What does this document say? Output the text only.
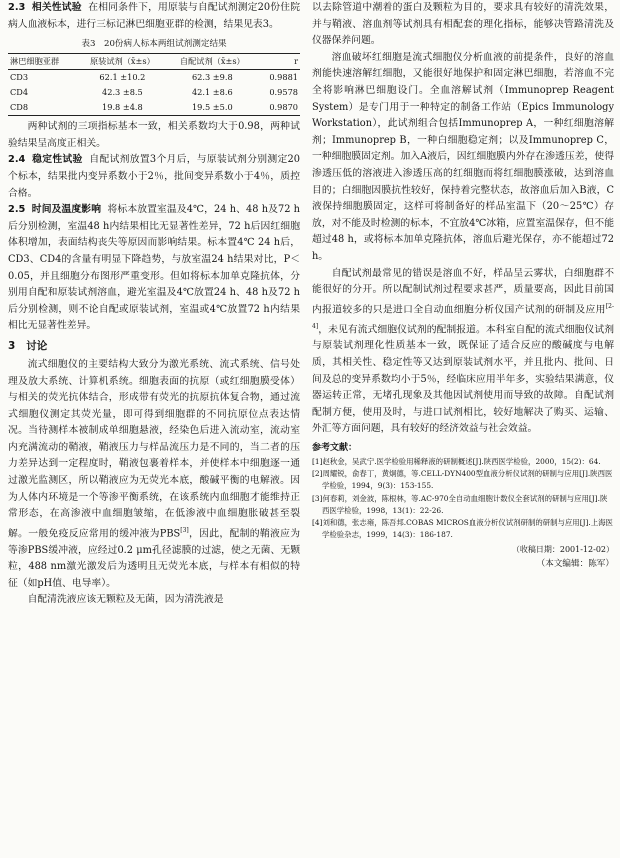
2.3 相关性试验 在相同条件下，用原装与自配试剂测定20份住院病人血液标本，进行三标记淋巴细胞亚群的检测，结果见表3。

表3　20份病人标本两组试剂测定结果
淋巴细胞亚群	原装试剂（x̄±s）	自配试剂（x̄±s）	r
CD3	62.1 ±10.2	62.3 ±9.8	0.9881
CD4	42.3 ±8.5	42.1 ±8.6	0.9578
CD8	19.8 ±4.8	19.5 ±5.0	0.9870

两种试剂的三项指标基本一致，相关系数均大于0.98，两种试验结果呈高度正相关。

2.4 稳定性试验 自配试剂放置3个月后，与原装试剂分别测定20个标本，结果批内变异系数小于2％，批间变异系数小于4％，质控合格。

2.5 时间及温度影响 将标本放置室温及4℃，24 h、48 h及72 h后分别检测，室温48 h内结果相比无显著性差异，72 h后因红细胞体积增加，表面结构丧失等原因而影响结果。标本置4℃ 24 h后，CD3、CD4的含量有明显下降趋势，与放室温24 h结果对比，P＜0.05，并且细胞分布图形严重变形。但如将标本加单克隆抗体，分别用自配和原装试剂溶血，避光室温及4℃放置24 h、48 h及72 h后分别检测，则不论自配或原装试剂，室温或4℃放置72 h内结果相比无显著性差异。

3 讨论

流式细胞仪的主要结构大致分为激光系统、流式系统、信号处理及放大系统、计算机系统。细胞表面的抗原（或红细胞膜受体）与相关的荧光抗体结合，形成带有荧光的抗原抗体复合物，通过流式细胞仪测定其荧光量，即可得到细胞群的不同抗原位点表达情况。当待测样本被制成单细胞悬液，经染色后进入流动室，流动室内充满流动的鞘液，鞘液压力与样品流压力是不同的，当二者的压力差异达到一定程度时，鞘液包裹着样本，并使样本中细胞逐一通过激光监测区，所以鞘液应为无荧光本底，酸碱平衡的电解液。因为人体内环境是一个等渗平衡系统，在该系统内血细胞才能维持正常形态，在高渗液中血细胞皱缩，在低渗液中血细胞胀破甚至裂解。一般免疫反应常用的缓冲液为PBS[3]，因此，配制的鞘液应为等渗PBS缓冲液，应经过0.2 μm孔径滤膜的过滤，使之无菌、无颗粒，488 nm激光激发后为透明且无荧光本底，与样本有相似的特征（如pH值、电导率）。

自配清洗液应该无颗粒及无菌，因为清洗液是

以去除管道中潮着的蛋白及颗粒为目的，要求具有较好的清洗效果，并与鞘液、溶血剂等试剂具有相配套的理化指标，能够决管路清洗及仪器保养问题。

溶血破坏红细胞是流式细胞仪分析血液的前提条件，良好的溶血剂能快速溶解红细胞，又能很好地保护和固定淋巴细胞，若溶血不完全将影响淋巴细胞设门。全血溶解试剂（Immunoprep Reagent System）是专门用于一种特定的制备工作站（Epics Immunology Workstation），此试剂组合包括Immunoprep A，一种红细胞溶解剂；Immunoprep B，一种白细胞稳定剂；以及Immunoprep C，一种细胞膜固定剂。加入A液后，因红细胞膜内外存在渗透压差，使得渗透压低的溶液进入渗透压高的红细胞而将红细胞膜涨破，达到溶血目的；白细胞因膜抗性较好，保持着完整状态，故溶血后加入B液，C液保持细胞膜固定，这样可将制备好的样品室温下（20～25℃）存放，对不能及时检测的标本，不宜放4℃冰箱，应置室温保存，但不能超过48 h，或将标本加单克隆抗体，溶血后避光保存，亦不能超过72 h。

自配试剂最常见的错误是溶血不好，样品呈云雾状，白细胞群不能很好的分开。所以配制试剂过程要求甚严，质量要高，因此目前国内报道较多的只是进口全自动血细胞分析仪国产试剂的研制及应用[2-4]，未见有流式细胞仪试剂的配制报道。本科室自配的流式细胞仪试剂与原装试剂理化性质基本一致，既保证了适合反应的酸碱度与电解质，其相关性、稳定性等又达到原装试剂水平，并且批内、批间、日间及总的变异系数均小于5％，经临床应用半年多，实验结果满意，仪器运转正常，无堵孔现象及其他因试剂使用而导致的故障。自配试剂配制方便，使用及时，与进口试剂相比，较好地解决了购买、运输、外汇等方面问题，具有较好的经济效益与社会效益。

参考文献：

[1]赵秋金，吴武宁.医学检验用稀释液的研制概述[J].陕西医学检验，2000，15(2)：64.

[2]周耀锐，俞春丁，黄炯德，等.CELL-DYN400型血液分析仪试剂的研制与应用[J].陕西医学检验，1994，9(3)：153-155.

[3]何春莉，刘金波，陈根林，等.AC-970全自动血细胞计数仪全套试剂的研制与应用[J].陕西医学检验，1998，13(1)：22-26.

[4]刘和德，张志雍，陈吾邦.COBAS MICROS血液分析仪试剂研制的研制与应用[J].上海医学检验杂志，1999，14(3)：186-187.

（收稿日期：2001-12-02）
（本文编辑：陈军）
